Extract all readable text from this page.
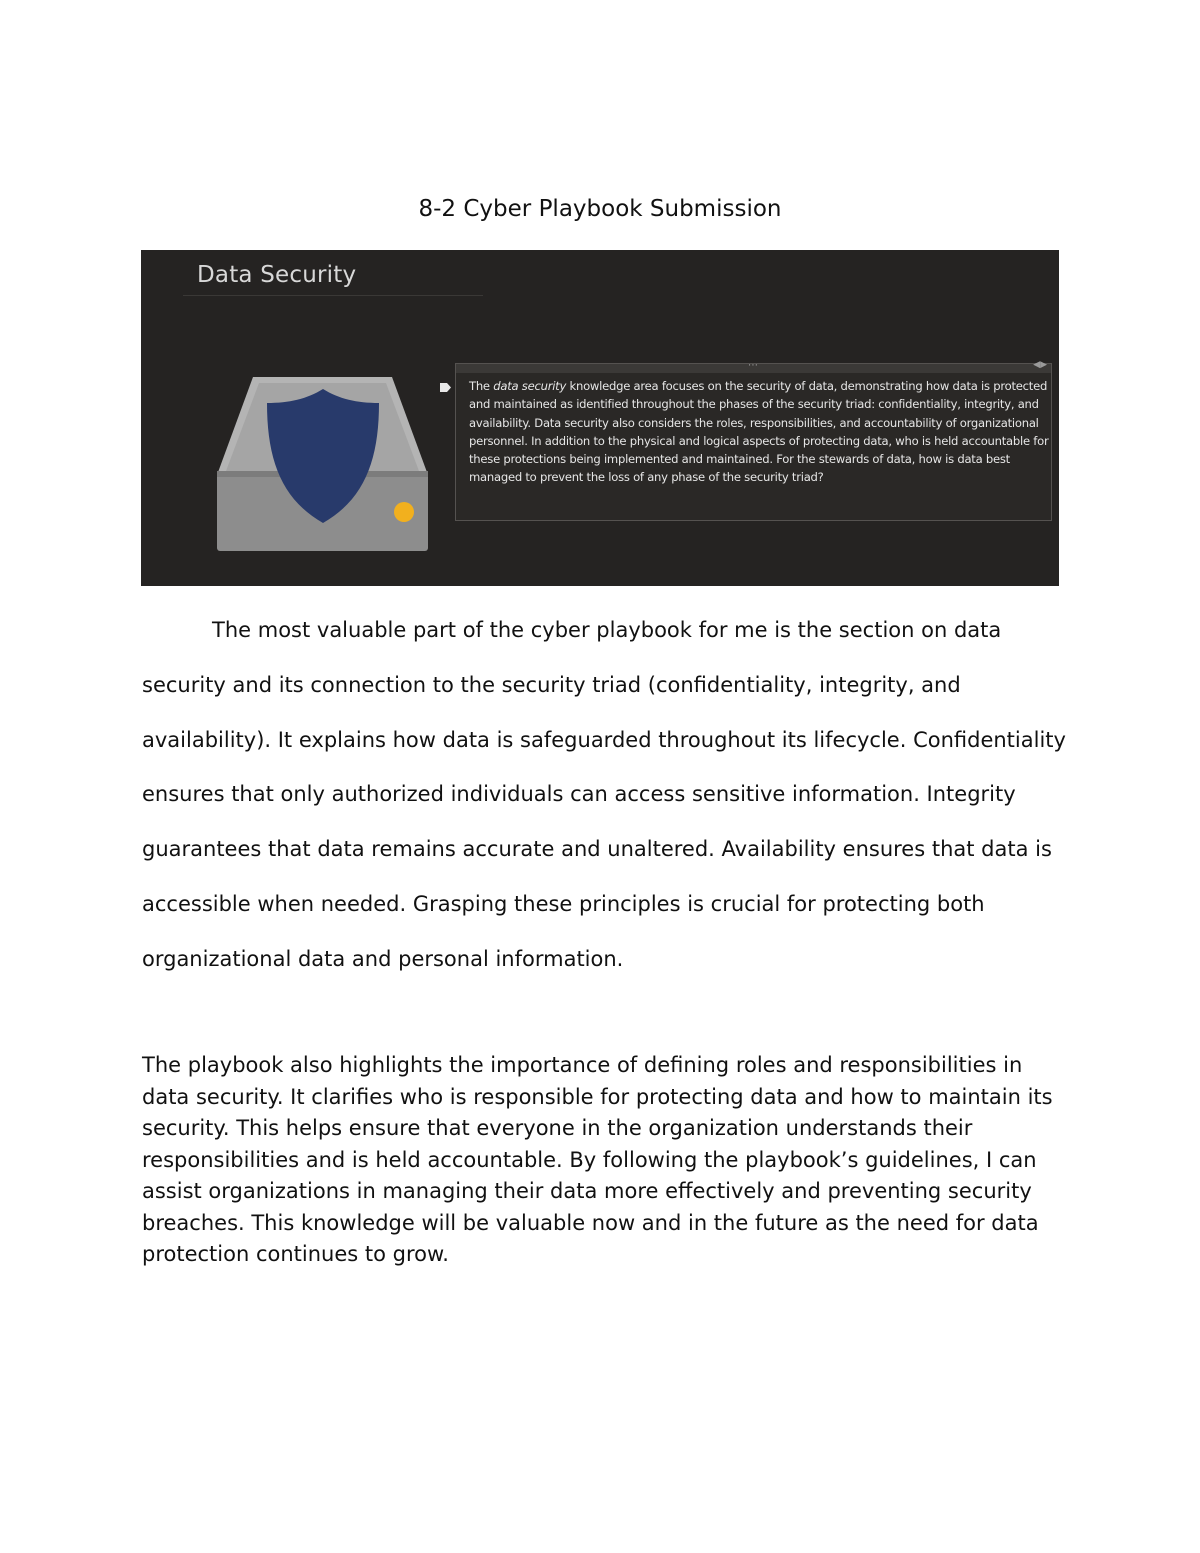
8-2 Cyber Playbook Submission
Data Security
⋯	◀▶
The data security knowledge area focuses on the security of data, demonstrating how data is protected and maintained as identified throughout the phases of the security triad: confidentiality, integrity, and availability. Data security also considers the roles, responsibilities, and accountability of organizational personnel. In addition to the physical and logical aspects of protecting data, who is held accountable for these protections being implemented and maintained. For the stewards of data, how is data best managed to prevent the loss of any phase of the security triad?

The most valuable part of the cyber playbook for me is the section on data security and its connection to the security triad (confidentiality, integrity, and availability). It explains how data is safeguarded throughout its lifecycle. Confidentiality ensures that only authorized individuals can access sensitive information. Integrity guarantees that data remains accurate and unaltered. Availability ensures that data is accessible when needed. Grasping these principles is crucial for protecting both organizational data and personal information.

The playbook also highlights the importance of defining roles and responsibilities in data security. It clarifies who is responsible for protecting data and how to maintain its security. This helps ensure that everyone in the organization understands their responsibilities and is held accountable. By following the playbook’s guidelines, I can assist organizations in managing their data more effectively and preventing security breaches. This knowledge will be valuable now and in the future as the need for data protection continues to grow.
